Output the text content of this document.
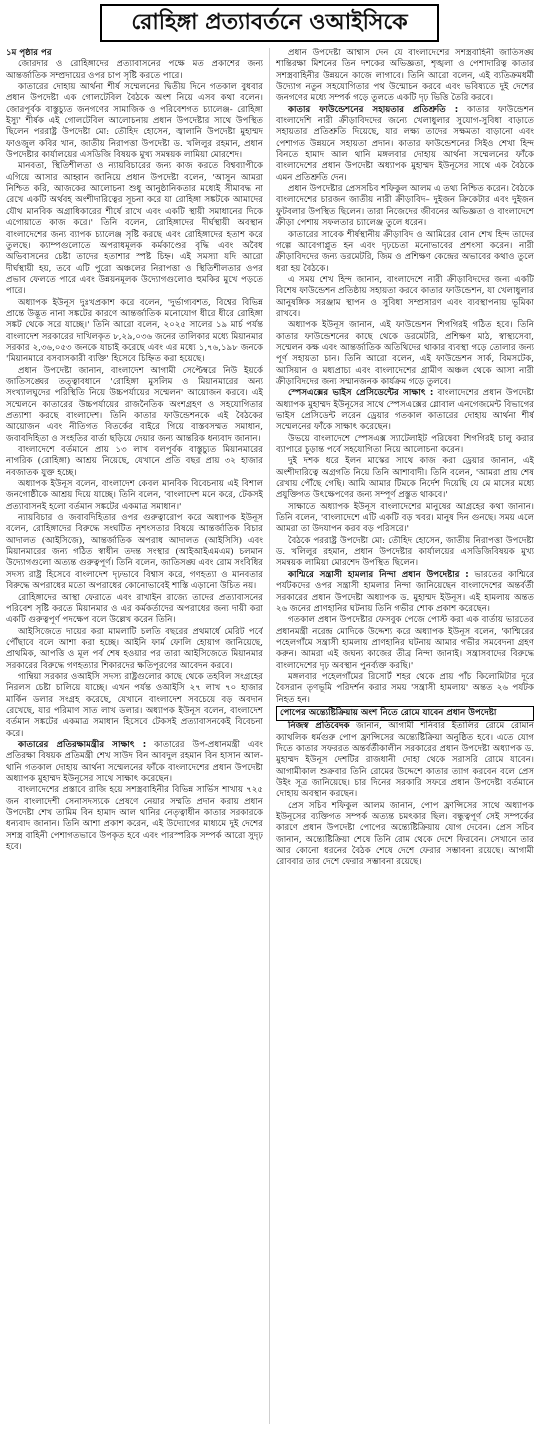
রোহিঙ্গা প্রত্যাবর্তনে ওআইসিকে

১ম পৃষ্ঠার পর

জোরদার ও রোহিঙ্গাদের প্রত্যাবাসনের পক্ষে মত প্রকাশের জন্য আন্তর্জাতিক সম্প্রদায়ের ওপর চাপ সৃষ্টি করতে পারে।

কাতারের দোহায় আর্থনা শীর্ষ সম্মেলনের দ্বিতীয় দিনে গতকাল বুধবার প্রধান উপদেষ্টা এক গোলটেবিল বৈঠকে অংশ নিয়ে এসব কথা বলেন। জোরপূর্বক বাস্তুচ্যুত জনগণের সামাজিক ও পরিবেশগত চ্যালেঞ্জ- রোহিঙ্গা ইস্যু' শীর্ষক এই গোলটেবিল আলোচনায় প্রধান উপদেষ্টার সাথে উপস্থিত ছিলেন পররাষ্ট্র উপদেষ্টা মো: তৌহিদ হোসেন, জ্বালানি উপদেষ্টা মুহাম্মদ ফাওজুল কবির খান, জাতীয় নিরাপত্তা উপদেষ্টা ড. খলিলুর রহমান, প্রধান উপদেষ্টার কার্যালয়ের এসডিজি বিষয়ক মুখ্য সমন্বয়ক লামিয়া মোরশেদ।

মানবতা, স্থিতিশীলতা ও ন্যায়বিচারের জন্য কাজ করতে বিশ্বব্যাপীকে এগিয়ে আসার আহ্বান জানিয়ে প্রধান উপদেষ্টা বলেন, 'আসুন আমরা নিশ্চিত করি, আজকের আলোচনা শুধু আনুষ্ঠানিকতার মধ্যেই সীমাবদ্ধ না রেখে একটি অর্থবহ অংশীদারিত্বের সূচনা করে যা রোহিঙ্গা সঙ্কটকে আমাদের যৌথ মানবিক অগ্রাধিকারের শীর্ষে রাখে এবং একটি স্থায়ী সমাধানের দিকে এগোয়াতে কাজ করে।' তিনি বলেন, রোহিঙ্গাদের দীর্ঘস্থায়ী অবস্থান বাংলাদেশের জন্য ব্যাপক চ্যালেঞ্জ সৃষ্টি করছে এবং রোহিঙ্গাদের হতাশ করে তুলছে। ক্যাম্পগুলোতে অপরাধমূলক কর্মকাণ্ডের বৃদ্ধি এবং অবৈধ অভিবাসনের চেষ্টা তাদের হতাশার স্পষ্ট চিহ্ন। এই সমস্যা যদি আরো দীর্ঘস্থায়ী হয়, তবে এটি পুরো অঞ্চলের নিরাপত্তা ও স্থিতিশীলতার ওপর প্রভাব ফেলতে পারে এবং উন্নয়নমূলক উদ্যোগগুলোও হুমকির মুখে পড়তে পারে।

অধ্যাপক ইউনূস দুঃখপ্রকাশ করে বলেন, 'দুর্ভাগ্যবশত, বিশ্বের বিভিন্ন প্রান্তে উদ্ভূত নানা সঙ্কটের কারণে আন্তর্জাতিক মনোযোগ ধীরে ধীরে রোহিঙ্গা সঙ্কট থেকে সরে যাচ্ছে।' তিনি আরো বলেন, ২০২৫ সালের ১৯ মার্চ পর্যন্ত বাংলাদেশ সরকারের দাখিলকৃত ৮,২৯,০৩৬ জনের তালিকার মধ্যে মিয়ানমার সরকার ২,৩৬,০৫৩ জনকে যাচাই করেছে এবং এর মধ্যে ১,৭৬,১৯৮ জনকে 'মিয়ানমারে বসবাসকারী ব্যক্তি' হিসেবে চিহ্নিত করা হয়েছে।

প্রধান উপদেষ্টা জানান, বাংলাদেশ আগামী সেপ্টেম্বরে নিউ ইয়র্কে জাতিসঙ্ঘের তত্ত্বাবধানে 'রোহিঙ্গা মুসলিম ও মিয়ানমারের অন্য সংখ্যালঘুদের পরিস্থিতি নিয়ে উচ্চপর্যায়ের সম্মেলন' আয়োজন করবে। এই সম্মেলনে কাতারের উচ্চপর্যায়ের রাজনৈতিক অংশগ্রহণ ও সহযোগিতার প্রত্যাশা করছে বাংলাদেশ। তিনি কাতার ফাউন্ডেশনকে এই বৈঠকের আয়োজন এবং নীতিগত বিতর্কের বাইরে গিয়ে বাস্তবসম্মত সমাধান, জবাবদিহিতা ও সংহতির বার্তা ছড়িয়ে দেয়ার জন্য আন্তরিক ধন্যবাদ জানান।

বাংলাদেশে বর্তমানে প্রায় ১৩ লাখ বলপূর্বক বাস্তুচ্যুত মিয়ানমারের নাগরিক (রোহিঙ্গা) আশ্রয় নিয়েছে, যেখানে প্রতি বছর প্রায় ৩২ হাজার নবজাতক যুক্ত হচ্ছে।

অধ্যাপক ইউনূস বলেন, বাংলাদেশ কেবল মানবিক বিবেচনায় এই বিশাল জনগোষ্ঠীকে আশ্রয় দিয়ে যাচ্ছে। তিনি বলেন, 'বাংলাদেশ মনে করে, টেকসই প্রত্যাবাসনই হলো বর্তমান সঙ্কটের একমাত্র সমাধান।'

ন্যায়বিচার ও জবাবদিহিতার ওপর গুরুত্বারোপ করে অধ্যাপক ইউনূস বলেন, রোহিঙ্গাদের বিরুদ্ধে সংঘটিত নৃশংসতার বিষয়ে আন্তর্জাতিক বিচার আদালত (আইসিজে), আন্তর্জাতিক অপরাধ আদালত (আইসিসি) এবং মিয়ানমারের জন্য গঠিত স্বাধীন তদন্ত সংস্থার (আইআইএমএম) চলমান উদ্যোগগুলো অত্যন্ত গুরুত্বপূর্ণ। তিনি বলেন, জাতিসঙ্ঘ এবং রোম সংবিধির সদস্য রাষ্ট্র হিসেবে বাংলাদেশ দৃঢ়ভাবে বিশ্বাস করে, গণহত্যা ও মানবতার বিরুদ্ধে অপরাধের মতো অপরাধের কোনোভাবেই শাস্তি এড়ানো উচিত নয়।

রোহিঙ্গাদের আস্থা ফেরাতে এবং রাখাইন রাজ্যে তাদের প্রত্যাবাসনের পরিবেশ সৃষ্টি করতে মিয়ানমার ও এর কর্মকর্তাদের অপরাধের জন্য দায়ী করা একটি গুরুত্বপূর্ণ পদক্ষেপ বলে উল্লেখ করেন তিনি।

আইসিজেতে দায়ের করা মামলাটি চলতি বছরের প্রথমার্ধে মেরিট পর্বে পৌঁছাবে বলে আশা করা হচ্ছে। আইনি ফার্ম ফোলি হোয়াগ জানিয়েছে, প্রাথমিক, আপত্তি ও মূল পর্ব শেষ হওয়ার পর তারা আইসিজেতে মিয়ানমার সরকারের বিরুদ্ধে গণহত্যার শিকারদের ক্ষতিপূরণের আবেদন করবে।

গাম্বিয়া সরকার ওআইসি সদস্য রাষ্ট্রগুলোর কাছে থেকে তহবিল সংগ্রহের নিরলস চেষ্টা চালিয়ে যাচ্ছে। এখন পর্যন্ত ওআইসি ২৭ লাখ ৭০ হাজার মার্কিন ডলার সংগ্রহ করেছে, যেখানে বাংলাদেশ সবচেয়ে বড় অবদান রেখেছে, যার পরিমাণ সাত লাখ ডলার। অধ্যাপক ইউনূস বলেন, বাংলাদেশ বর্তমান সঙ্কটের একমাত্র সমাধান হিসেবে টেকসই প্রত্যাবাসনকেই বিবেচনা করে।

কাতারের প্রতিরক্ষামন্ত্রীর সাক্ষাৎ : কাতারের উপ-প্রধানমন্ত্রী এবং প্রতিরক্ষা বিষয়ক প্রতিমন্ত্রী শেখ সাউদ বিন আবদুল রহমান বিন হাসান আল-থানি গতকাল দোহায় আর্থনা সম্মেলনের ফাঁকে বাংলাদেশের প্রধান উপদেষ্টা অধ্যাপক মুহাম্মদ ইউনূসের সাথে সাক্ষাৎ করেছেন।

বাংলাদেশের প্রস্তাবে রাজি হয়ে সশস্ত্রবাহিনীর বিভিন্ন সার্ভিস শাখায় ৭২৫ জন বাংলাদেশী সেনাসদস্যকে প্রেষণে নেয়ার সম্মতি প্রদান করায় প্রধান উপদেষ্টা শেখ তামিম বিন হামাদ আল থানির নেতৃত্বাধীন কাতার সরকারকে ধন্যবাদ জানান। তিনি আশা প্রকাশ করেন, এই উদ্যোগের মাধ্যমে দুই দেশের সশস্ত্র বাহিনী পেশাগতভাবে উপকৃত হবে এবং পারস্পরিক সম্পর্ক আরো সুদৃঢ় হবে।

প্রধান উপদেষ্টা আশ্বাস দেন যে বাংলাদেশের সশস্ত্রবাহিনী জাতিসঙ্ঘ শান্তিরক্ষা মিশনের তিন দশকের অভিজ্ঞতা, শৃঙ্খলা ও পেশাদারিত্ব কাতার সশস্ত্রবাহিনীর উন্নয়নে কাজে লাগাবে। তিনি আরো বলেন, এই ব্যতিক্রমধর্মী উদ্যোগ নতুন সহযোগিতার পথ উন্মোচন করবে এবং ভবিষ্যতে দুই দেশের জনগণের মধ্যে সম্পর্ক গড়ে তুলতে একটি দৃঢ় ভিত্তি তৈরি করবে।

কাতার ফাউন্ডেশনের সহায়তার প্রতিশ্রুতি : কাতার ফাউন্ডেশন বাংলাদেশি নারী ক্রীড়াবিদদের জন্যে খেলাধুলার সুযোগ-সুবিধা বাড়াতে সহায়তার প্রতিশ্রুতি দিয়েছে, যার লক্ষ্য তাদের সক্ষমতা বাড়ানো এবং পেশাগত উন্নয়নে সহায়তা প্রদান। কাতার ফাউন্ডেশনের সিইও শেখা হিন্দ বিনতে হামাদ আল থানি মঙ্গলবার দোহায় আর্থনা সম্মেলনের ফাঁকে বাংলাদেশের প্রধান উপদেষ্টা অধ্যাপক মুহাম্মদ ইউনূসের সাথে এক বৈঠকে এমন প্রতিশ্রুতি দেন।

প্রধান উপদেষ্টার প্রেসসচিব শফিকুল আলম এ তথ্য নিশ্চিত করেন। বৈঠকে বাংলাদেশের চারজন জাতীয় নারী ক্রীড়াবিদ– দুইজন ক্রিকেটার এবং দুইজন ফুটবলার উপস্থিত ছিলেন। তারা নিজেদের জীবনের অভিজ্ঞতা ও বাংলাদেশে ক্রীড়া পেশায় সফলতার চ্যালেঞ্জ তুলে ধরেন।

কাতারের সাবেক শীর্ষস্থানীয় ক্রীড়াবিদ ও আমিরের বোন শেখ হিন্দ তাদের গল্পে আবেগাপ্লুত হন এবং দৃঢ়চেতা মনোভাবের প্রশংসা করেন। নারী ক্রীড়াবিদদের জন্য ডরমেটরি, জিম ও প্রশিক্ষণ কেন্দ্রের অভাবের কথাও তুলে ধরা হয় বৈঠকে।

এ সময় শেখ হিন্দ জানান, বাংলাদেশে নারী ক্রীড়াবিদদের জন্য একটি বিশেষ ফাউন্ডেশন প্রতিষ্ঠায় সহায়তা করবে কাতার ফাউন্ডেশন, যা খেলাধুলার আনুষঙ্গিক সরঞ্জাম স্থাপন ও সুবিধা সম্প্রসারণ এবং ব্যবস্থাপনায় ভূমিকা রাখবে।

অধ্যাপক ইউনূস জানান, এই ফাউন্ডেশন শিগগিরই গঠিত হবে। তিনি কাতার ফাউন্ডেশনের কাছে থেকে ডরমেটরি, প্রশিক্ষণ মাঠ, স্বাস্থ্যসেবা, সম্মেলন কক্ষ এবং আন্তর্জাতিক অতিথিদের থাকার ব্যবস্থা গড়ে তোলার জন্য পূর্ণ সহায়তা চান। তিনি আরো বলেন, এই ফাউন্ডেশন সার্ক, বিমসটেক, আসিয়ান ও মধ্যপ্রাচ্য এবং বাংলাদেশের গ্রামীণ অঞ্চল থেকে আসা নারী ক্রীড়াবিদদের জন্য সম্মানজনক কার্যক্রম গড়ে তুলবে।

স্পেসএক্সের ভাইস প্রেসিডেন্টের সাক্ষাৎ : বাংলাদেশের প্রধান উপদেষ্টা অধ্যাপক মুহাম্মদ ইউনূসের সাথে স্পেসএক্সের গ্লোবাল এনগেজমেন্ট বিভাগের ভাইস প্রেসিডেন্ট লরেন ড্রেয়ার গতকাল কাতারের দোহায় আর্থনা শীর্ষ সম্মেলনের ফাঁকে সাক্ষাৎ করেছেন।

উভয়ে বাংলাদেশে স্পেসএক্স স্যাটেলাইট পরিষেবা শিগগিরই চালু করার ব্যাপারে চূড়ান্ত পর্বে সহযোগিতা নিয়ে আলোচনা করেন।

দুই দশক ধরে ইলন মাস্কের সাথে কাজ করা ড্রেয়ার জানান, এই অংশীদারিত্বে অগ্রগতি নিয়ে তিনি আশাবাদী। তিনি বলেন, 'আমরা প্রায় শেষ রেখায় পৌঁছে গেছি। আমি আমার টিমকে নির্দেশ দিয়েছি যে মে মাসের মধ্যে প্রযুক্তিগত উৎক্ষেপণের জন্য সম্পূর্ণ প্রস্তুত থাকবে।'

সাক্ষাতে অধ্যাপক ইউনূস বাংলাদেশের মানুষের আগ্রহের কথা জানান। তিনি বলেন, 'বাংলাদেশে এটি একটি বড় খবর। মানুষ দিন গুনছে। সময় এলে আমরা তা উদযাপন করব বড় পরিসরে।'

বৈঠকে পররাষ্ট্র উপদেষ্টা মো: তৌহিদ হোসেন, জাতীয় নিরাপত্তা উপদেষ্টা ড. খলিলুর রহমান, প্রধান উপদেষ্টার কার্যালয়ের এসডিজিবিষয়ক মুখ্য সমন্বয়ক লামিয়া মোরশেদ উপস্থিত ছিলেন।

কাশ্মিরে সন্ত্রাসী হামলার নিন্দা প্রধান উপদেষ্টার : ভারতের কাশ্মিরে পর্যটকদের ওপর সন্ত্রাসী হামলার নিন্দা জানিয়েছেন বাংলাদেশের অন্তর্বর্তী সরকারের প্রধান উপদেষ্টা অধ্যাপক ড. মুহাম্মদ ইউনূস। এই হামলায় অন্তত ২৬ জনের প্রাণহানির ঘটনায় তিনি গভীর শোক প্রকাশ করেছেন।

গতকাল প্রধান উপদেষ্টার ফেসবুক পেজে পোস্ট করা এক বার্তায় ভারতের প্রধানমন্ত্রী নরেন্দ্র মোদিকে উদ্দেশ্য করে অধ্যাপক ইউনূস বলেন, 'কাশ্মিরের পহেলগাঁমে সন্ত্রাসী হামলায় প্রাণহানির ঘটনায় আমার গভীর সমবেদনা গ্রহণ করুন। আমরা এই জঘন্য কাজের তীব্র নিন্দা জানাই। সন্ত্রাসবাদের বিরুদ্ধে বাংলাদেশের দৃঢ় অবস্থান পুনর্ব্যক্ত করছি।'

মঙ্গলবার পহেলগাঁমের রিসোর্ট শহর থেকে প্রায় পাঁচ কিলোমিটার দূরে বৈসরান তৃণভূমি পরিদর্শন করার সময় 'সন্ত্রাসী হামলায়' অন্তত ২৬ পর্যটক নিহত হন।

পোপের অন্ত্যেষ্টিক্রিয়ায় অংশ নিতে রোমে যাবেন প্রধান উপদেষ্টা

নিজস্ব প্রতিবেদক জানান, আগামী শনিবার ইতালির রোমে রোমান ক্যাথলিক ধর্মগুরু পোপ ফ্রান্সিসের অন্ত্যেষ্টিক্রিয়া অনুষ্ঠিত হবে। এতে যোগ দিতে কাতার সফররত অন্তর্বর্তীকালীন সরকারের প্রধান উপদেষ্টা অধ্যাপক ড. মুহাম্মদ ইউনূস দেশটির রাজধানী দোহা থেকে সরাসরি রোমে যাবেন। আগামীকাল শুক্রবার তিনি রোমের উদ্দেশে কাতার ত্যাগ করবেন বলে প্রেস উইং সূত্র জানিয়েছে। চার দিনের সরকারি সফরে প্রধান উপদেষ্টা বর্তমানে দোহায় অবস্থান করছেন।

প্রেস সচিব শফিকুল আলম জানান, পোপ ফ্রান্সিসের সাথে অধ্যাপক ইউনূসের ব্যক্তিগত সম্পর্ক অত্যন্ত চমৎকার ছিল। বন্ধুত্বপূর্ণ সেই সম্পর্কের কারণে প্রধান উপদেষ্টা পোপের অন্ত্যেষ্টিক্রিয়ায় যোগ দেবেন। প্রেস সচিব জানান, অন্ত্যেষ্টিক্রিয়া শেষে তিনি রোম থেকে দেশে ফিরবেন। সেখানে তার আর কোনো ধরনের বৈঠক শেষে দেশে ফেরার সম্ভাবনা রয়েছে। আগামী রোববার তার দেশে ফেরার সম্ভাবনা রয়েছে।
